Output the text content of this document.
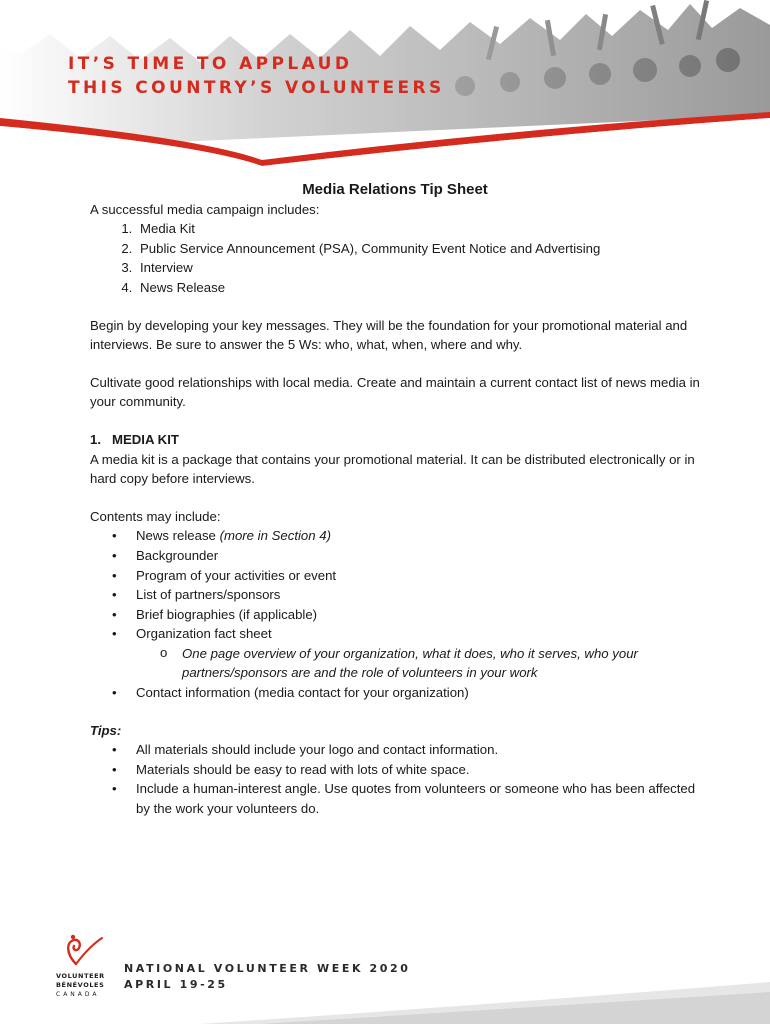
IT’S TIME TO APPLAUD
THIS COUNTRY’S VOLUNTEERS

Media Relations Tip Sheet

A successful media campaign includes:

1. Media Kit
2. Public Service Announcement (PSA), Community Event Notice and Advertising
3. Interview
4. News Release

Begin by developing your key messages. They will be the foundation for your promotional material and interviews. Be sure to answer the 5 Ws: who, what, when, where and why.

Cultivate good relationships with local media. Create and maintain a current contact list of news media in your community.

1. MEDIA KIT

A media kit is a package that contains your promotional material. It can be distributed electronically or in hard copy before interviews.

Contents may include:

• News release (more in Section 4)
• Backgrounder
• Program of your activities or event
• List of partners/sponsors
• Brief biographies (if applicable)
• Organization fact sheet
o One page overview of your organization, what it does, who it serves, who your partners/sponsors are and the role of volunteers in your work
• Contact information (media contact for your organization)

Tips:

• All materials should include your logo and contact information.
• Materials should be easy to read with lots of white space.
• Include a human-interest angle. Use quotes from volunteers or someone who has been affected by the work your volunteers do.
VOLUNTEER
BÉNÉVOLES
CANADA
NATIONAL VOLUNTEER WEEK 2020
APRIL 19-25
